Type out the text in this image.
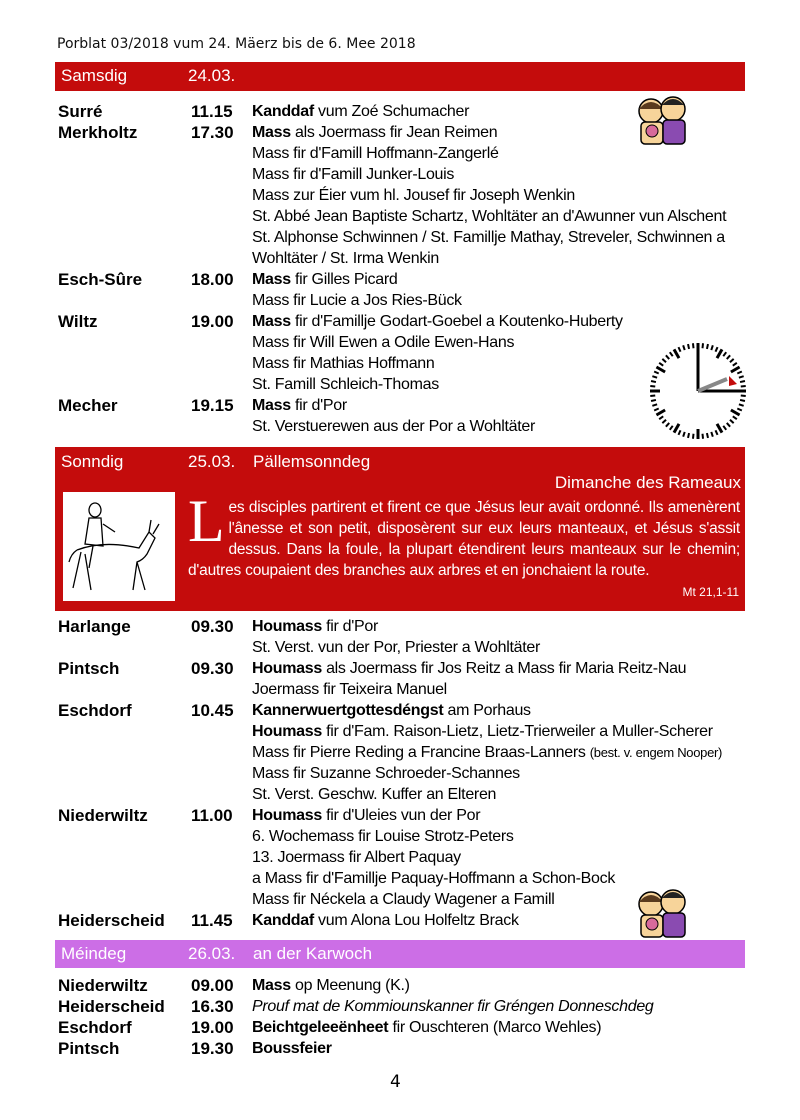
Porblat 03/2018 vum 24. Mäerz bis de 6. Mee 2018
Samsdig	24.03.
Surré	11.15 Kanddaf vum Zoé Schumacher
Merkholtz	17.30 Mass als Joermass fir Jean Reimen
Mass fir d'Famill Hoffmann-Zangerlé
Mass fir d'Famill Junker-Louis
Mass zur Éier vum hl. Jousef fir Joseph Wenkin
St. Abbé Jean Baptiste Schartz, Wohltäter an d'Awunner vun Alschent
St. Alphonse Schwinnen / St. Famillje Mathay, Streveler, Schwinnen a
Wohltäter / St. Irma Wenkin
Esch-Sûre	18.00 Mass fir Gilles Picard
Mass fir Lucie a Jos Ries-Bück
Wiltz	19.00 Mass fir d'Famillje Godart-Goebel a Koutenko-Huberty
Mass fir Will Ewen a Odile Ewen-Hans
Mass fir Mathias Hoffmann
St. Famill Schleich-Thomas
Mecher	19.15 Mass fir d'Por
St. Verstuerewen aus der Por a Wohltäter
Sonndig	25.03. Pällemsonndeg
Dimanche des Rameaux
Les disciples partirent et firent ce que Jésus leur avait ordonné. Ils amenèrent l'ânesse et son petit, disposèrent sur eux leurs manteaux, et Jésus s'assit dessus. Dans la foule, la plupart étendirent leurs manteaux sur le chemin; d'autres coupaient des branches aux arbres et en jonchaient la route.
Mt 21,1-11
Harlange	09.30 Houmass fir d'Por
St. Verst. vun der Por, Priester a Wohltäter
Pintsch	09.30 Houmass als Joermass fir Jos Reitz a Mass fir Maria Reitz-Nau
Joermass fir Teixeira Manuel
Eschdorf	10.45 Kannerwuertgottesdéngst am Porhaus
Houmass fir d'Fam. Raison-Lietz, Lietz-Trierweiler a Muller-Scherer
Mass fir Pierre Reding a Francine Braas-Lanners (best. v. engem Nooper)
Mass fir Suzanne Schroeder-Schannes
St. Verst. Geschw. Kuffer an Elteren
Niederwiltz	11.00 Houmass fir d'Uleies vun der Por
6. Wochemass fir Louise Strotz-Peters
13. Joermass fir Albert Paquay
a Mass fir d'Famillje Paquay-Hoffmann a Schon-Bock
Mass fir Néckela a Claudy Wagener a Famill
Heiderscheid 11.45 Kanddaf vum Alona Lou Holfeltz Brack
Méindeg	26.03. an der Karwoch
Niederwiltz	09.00 Mass op Meenung (K.)
Heiderscheid 16.30 Prouf mat de Kommiounskanner fir Gréngen Donneschdeg
Eschdorf	19.00 Beichtgeleeënheet fir Ouschteren (Marco Wehles)
Pintsch	19.30 Boussfeier
4
